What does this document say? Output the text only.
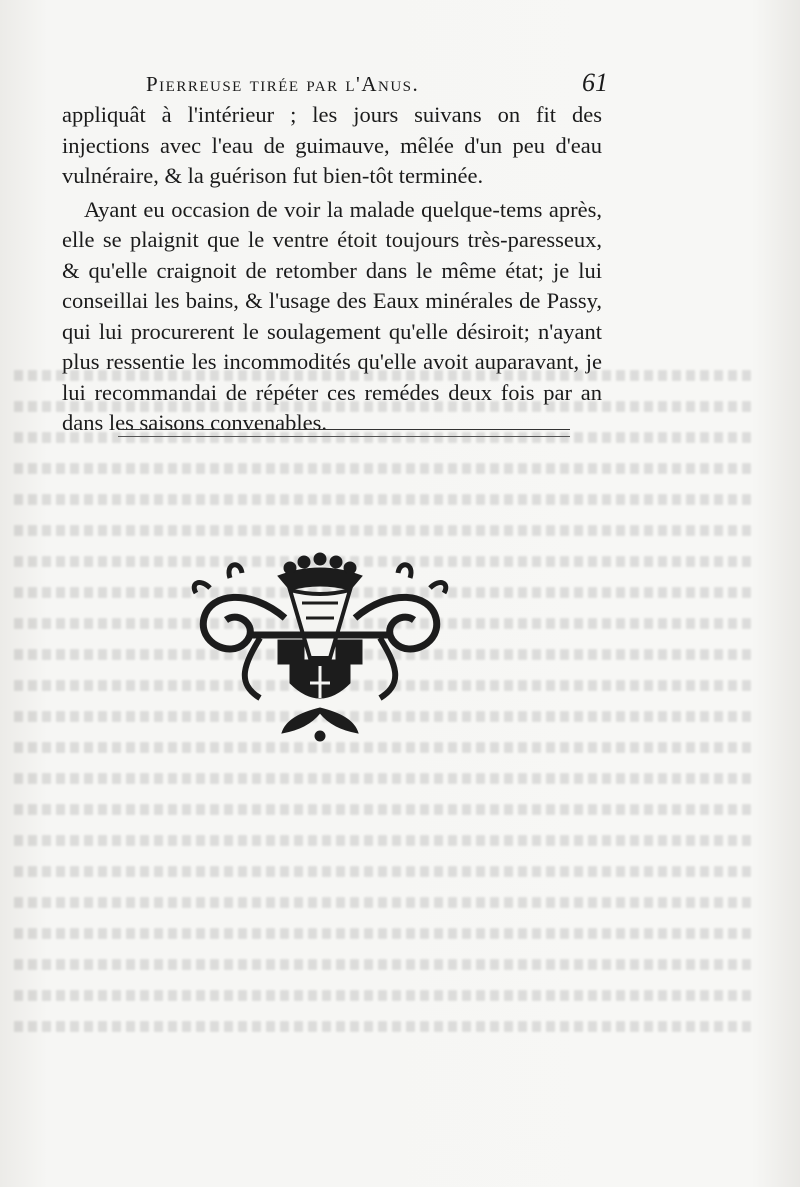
Pierreuse tirée par l'Anus.	61

appliquât à l'intérieur ; les jours suivans on fit des injections avec l'eau de guimauve, mêlée d'un peu d'eau vulnéraire, & la guérison fut bien-tôt terminée.

Ayant eu occasion de voir la malade quelque-tems après, elle se plaignit que le ventre étoit toujours très-paresseux, & qu'elle craignoit de retomber dans le même état; je lui conseillai les bains, & l'usage des Eaux minérales de Passy, qui lui procurerent le soulagement qu'elle désiroit; n'ayant plus ressentie les incommodités qu'elle avoit auparavant, je lui recommandai de répéter ces remédes deux fois par an dans les saisons convenables.
